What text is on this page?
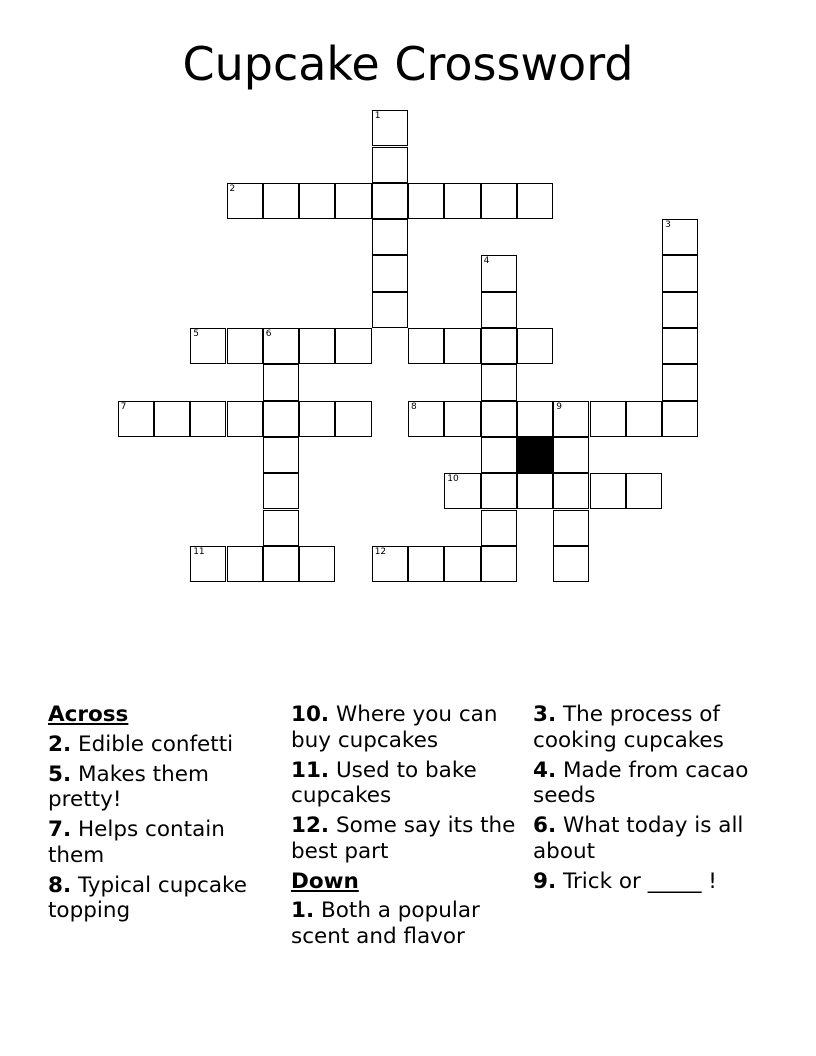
Cupcake Crossword
1
2
3
4
5	6
7	8	9
10
11	12
Across
2. Edible confetti
5. Makes them pretty!
7. Helps contain them
8. Typical cupcake topping
10. Where you can buy cupcakes
11. Used to bake cupcakes
12. Some say its the best part
Down
1. Both a popular scent and flavor
3. The process of cooking cupcakes
4. Made from cacao seeds
6. What today is all about
9. Trick or _____ !
